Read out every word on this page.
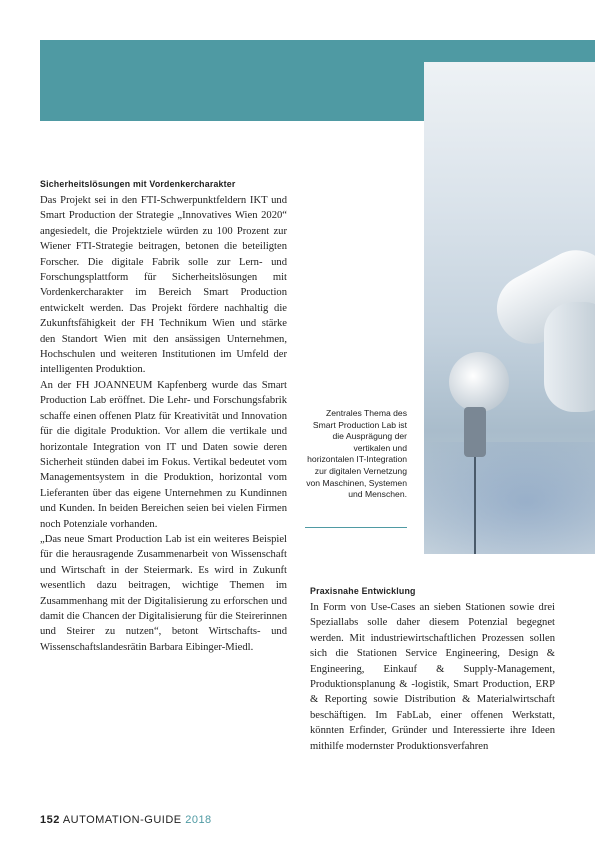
Zentrales Thema des Smart Production Lab ist die Ausprägung der vertikalen und horizontalen IT-Integration zur digitalen Vernetzung von Maschinen, Systemen und Menschen.
Sicherheitslösungen mit Vordenkercharakter

Das Projekt sei in den FTI-Schwerpunktfeldern IKT und Smart Production der Strategie „Innovatives Wien 2020“ angesiedelt, die Projektziele würden zu 100 Prozent zur Wiener FTI-Strategie beitragen, betonen die beteiligten Forscher. Die digitale Fabrik solle zur Lern- und Forschungsplattform für Sicherheitslösungen mit Vordenkercharakter im Bereich Smart Production entwickelt werden. Das Projekt fördere nachhaltig die Zukunftsfähigkeit der FH Technikum Wien und stärke den Standort Wien mit den ansässigen Unternehmen, Hochschulen und weiteren Institutionen im Umfeld der intelligenten Produktion.

An der FH JOANNEUM Kapfenberg wurde das Smart Production Lab eröffnet. Die Lehr- und Forschungsfabrik schaffe einen offenen Platz für Kreativität und Innovation für die digitale Produktion. Vor allem die vertikale und horizontale Integration von IT und Daten sowie deren Sicherheit stünden dabei im Fokus. Vertikal bedeutet vom Managementsystem in die Produktion, horizontal vom Lieferanten über das eigene Unternehmen zu Kundinnen und Kunden. In beiden Bereichen seien bei vielen Firmen noch Potenziale vorhanden.

„Das neue Smart Production Lab ist ein weiteres Beispiel für die herausragende Zusammenarbeit von Wissenschaft und Wirtschaft in der Steiermark. Es wird in Zukunft wesentlich dazu beitragen, wichtige Themen im Zusammenhang mit der Digitalisierung zu erforschen und damit die Chancen der Digitalisierung für die Steirerinnen und Steirer zu nutzen“, betont Wirtschafts- und Wissenschaftslandesrätin Barbara Eibinger-Miedl.

Praxisnahe Entwicklung

In Form von Use-Cases an sieben Stationen sowie drei Speziallabs solle daher diesem Potenzial begegnet werden. Mit industriewirtschaftlichen Prozessen sollen sich die Stationen Service Engineering, Design & Engineering, Einkauf & Supply-Management, Produktionsplanung & -logistik, Smart Production, ERP & Reporting sowie Distribution & Materialwirtschaft beschäftigen. Im FabLab, einer offenen Werkstatt, könnten Erfinder, Gründer und Interessierte ihre Ideen mithilfe modernster Produktionsverfahren

152 AUTOMATION-GUIDE 2018
